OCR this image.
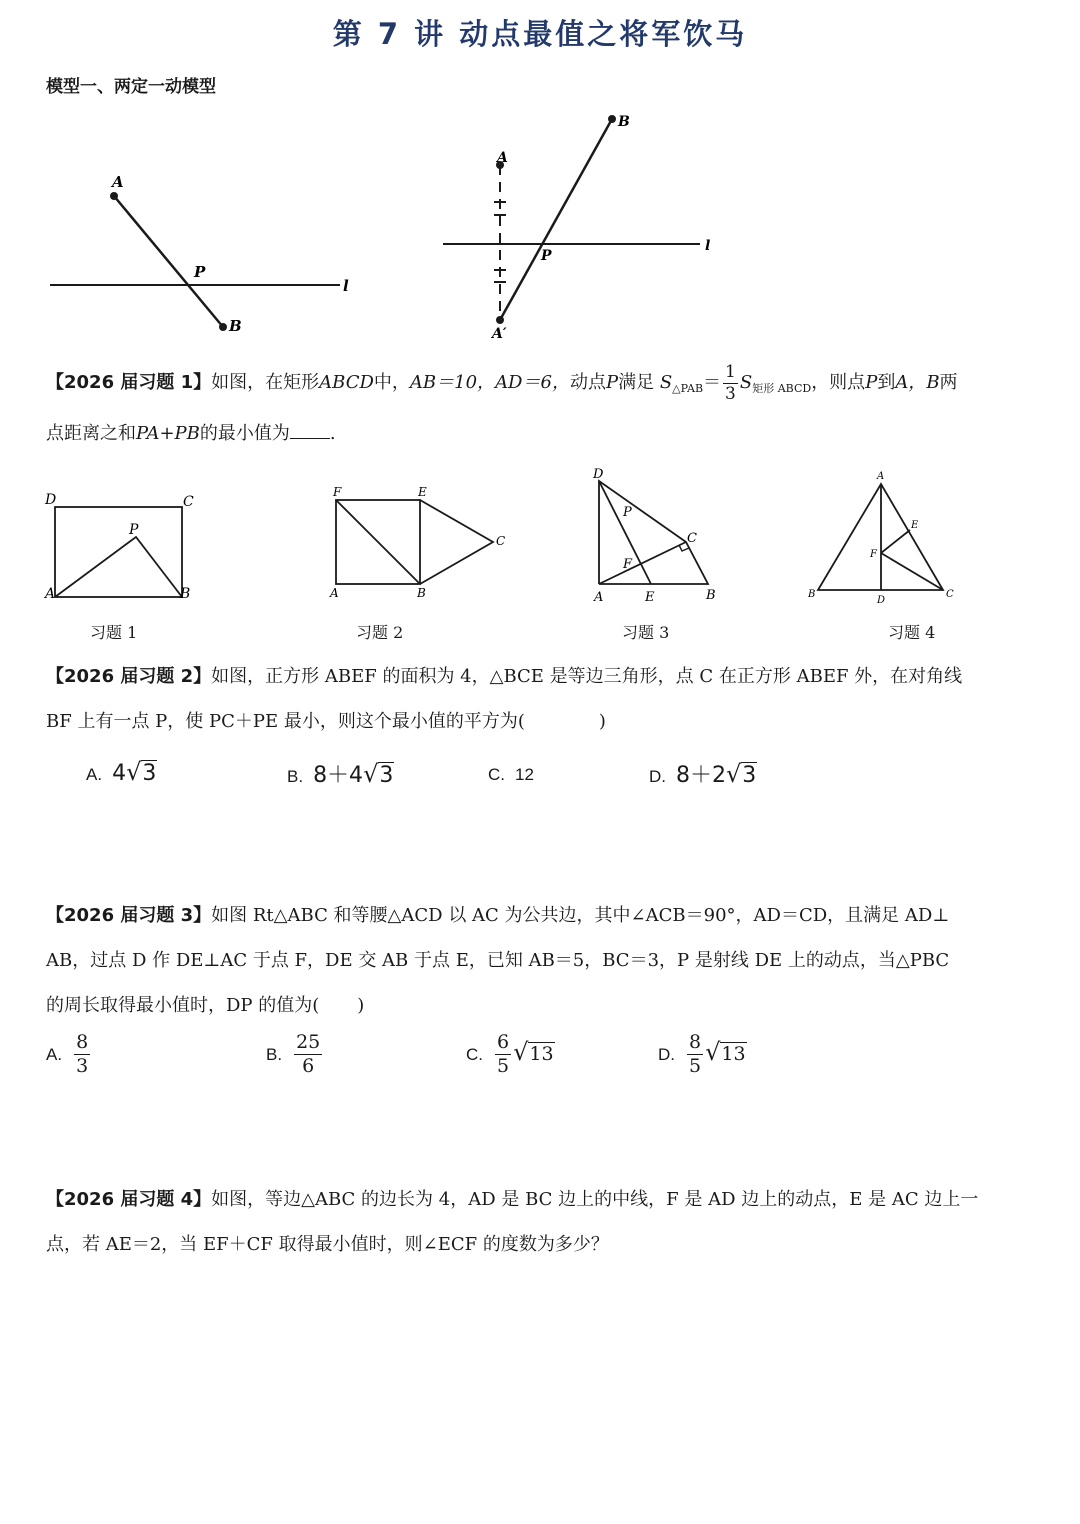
第 7 讲 动点最值之将军饮马
模型一、两定一动模型
A
P
B
l
A
B
P
A′
l
【2026 届习题 1】如图，在矩形ABCD中，AB＝10，AD＝6，动点P满足 $S_{\triangle PAB}= \frac{1}{3} S_{矩形 ABCD}$，则点P到A，B两
点距离之和PA+PB的最小值为 .
D	C
P
A	B
习题 1
F	E
C
A	B
习题 2
D
P
C
F
A	E	B
习题 3
A
E
F
B
D
C
习题 4
【2026 届习题 2】如图，正方形 ABEF 的面积为 4，△BCE 是等边三角形，点 C 在正方形 ABEF 外，在对角线
BF 上有一点 P，使 PC＋PE 最小，则这个最小值的平方为(	)
A. 4√3	B. 8＋4√3	C. 12	D. 8＋2√3
【2026 届习题 3】如图 Rt△ABC 和等腰△ACD 以 AC 为公共边，其中∠ACB＝90°，AD＝CD，且满足 AD⊥
AB，过点 D 作 DE⊥AC 于点 F，DE 交 AB 于点 E，已知 AB＝5，BC＝3，P 是射线 DE 上的动点，当△PBC
的周长取得最小值时，DP 的值为( )
A. $\frac{8}{3}$	B. $\frac{25}{6}$	C. $\frac{6}{5} √13$	D. $\frac{8}{5} √13$
【2026 届习题 4】如图，等边△ABC 的边长为 4，AD 是 BC 边上的中线，F 是 AD 边上的动点，E 是 AC 边上一
点，若 AE＝2，当 EF＋CF 取得最小值时，则∠ECF 的度数为多少？
